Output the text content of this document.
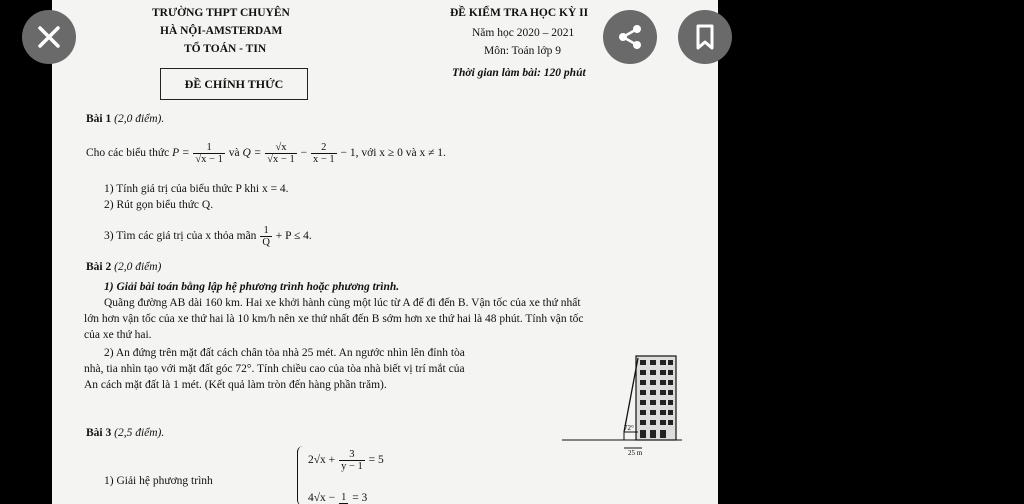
TRƯỜNG THPT CHUYÊN
HÀ NỘI-AMSTERDAM
TỔ TOÁN - TIN
ĐỀ CHÍNH THỨC
ĐỀ KIỂM TRA HỌC KỲ II
Năm học 2020 – 2021
Môn: Toán lớp 9
Thời gian làm bài: 120 phút
Bài 1 (2,0 điểm).
Cho các biểu thức $P = \frac{1}{√x - 1}$ và $Q = \frac{√x}{√x - 1} - \frac{2}{x - 1} - 1$, với x ≥ 0 và x ≠ 1.
1) Tính giá trị của biểu thức P khi x = 4.
2) Rút gọn biểu thức Q.
3) Tìm các giá trị của x thỏa mãn $\frac{1}{Q} + P \le 4$.
Bài 2 (2,0 điểm)
1) Giải bài toán bằng lập hệ phương trình hoặc phương trình.
Quãng đường AB dài 160 km. Hai xe khởi hành cùng một lúc từ A để đi đến B. Vận tốc của xe thứ nhất
lớn hơn vận tốc của xe thứ hai là 10 km/h nên xe thứ nhất đến B sớm hơn xe thứ hai là 48 phút. Tính vận tốc
của xe thứ hai.
2) An đứng trên mặt đất cách chân tòa nhà 25 mét. An ngước nhìn lên đỉnh tòa
nhà, tia nhìn tạo với mặt đất góc 72°. Tính chiều cao của tòa nhà biết vị trí mắt của
An cách mặt đất là 1 mét. (Kết quả làm tròn đến hàng phần trăm).
72°
25 m
Bài 3 (2,5 điểm).
1) Giải hệ phương trình
$2√x + \frac{3}{y - 1} = 5$
4√x − 1 = 3
